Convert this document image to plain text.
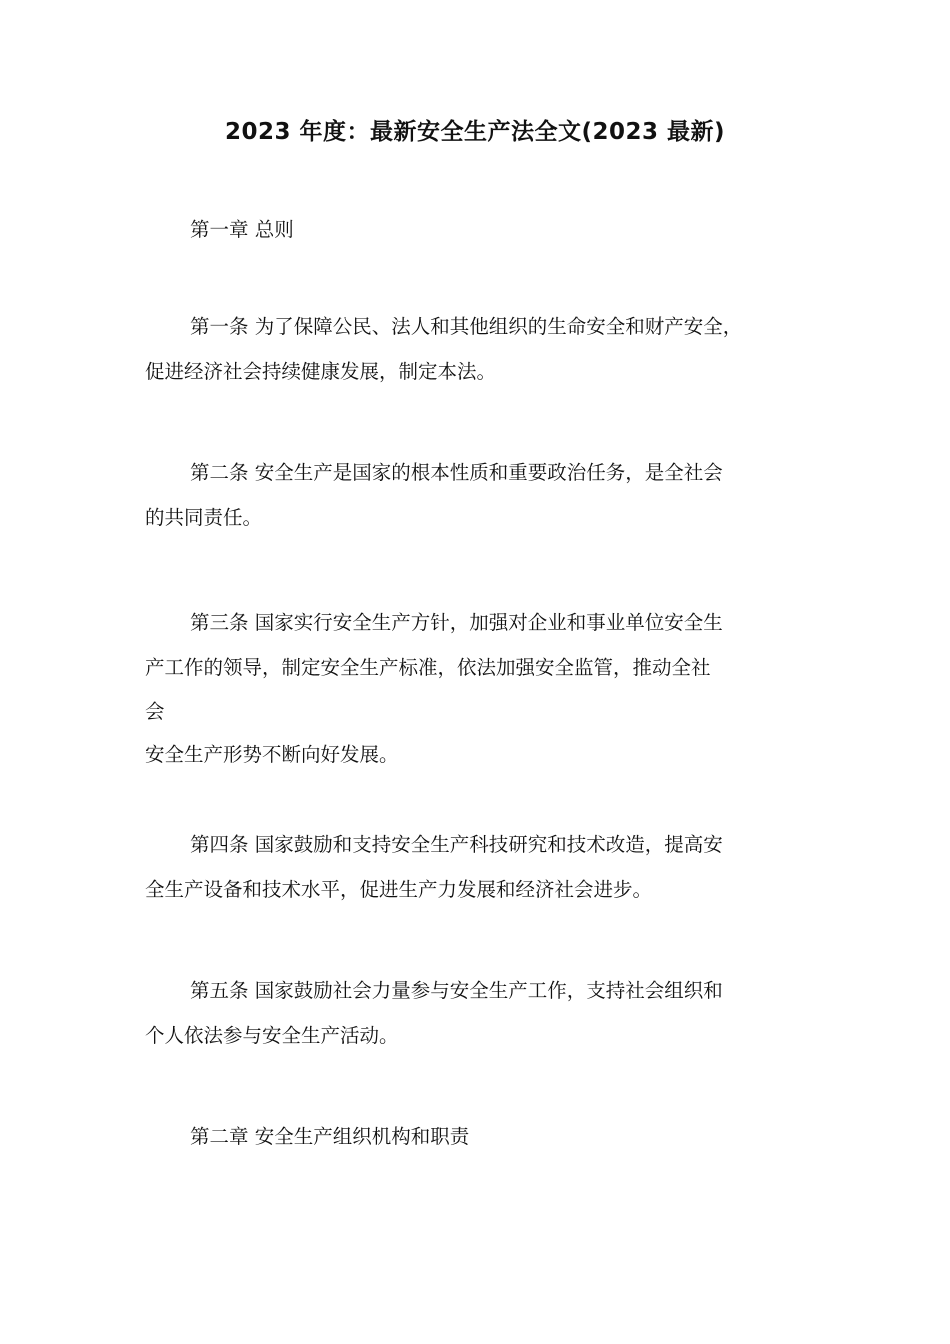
2023 年度：最新安全生产法全文(2023 最新)

第一章 总则

第一条 为了保障公民、法人和其他组织的生命安全和财产安全，
促进经济社会持续健康发展，制定本法。

第二条 安全生产是国家的根本性质和重要政治任务，是全社会
的共同责任。

第三条 国家实行安全生产方针，加强对企业和事业单位安全生
产工作的领导，制定安全生产标准，依法加强安全监管，推动全社
会
安全生产形势不断向好发展。

第四条 国家鼓励和支持安全生产科技研究和技术改造，提高安
全生产设备和技术水平，促进生产力发展和经济社会进步。

第五条 国家鼓励社会力量参与安全生产工作，支持社会组织和
个人依法参与安全生产活动。

第二章 安全生产组织机构和职责
